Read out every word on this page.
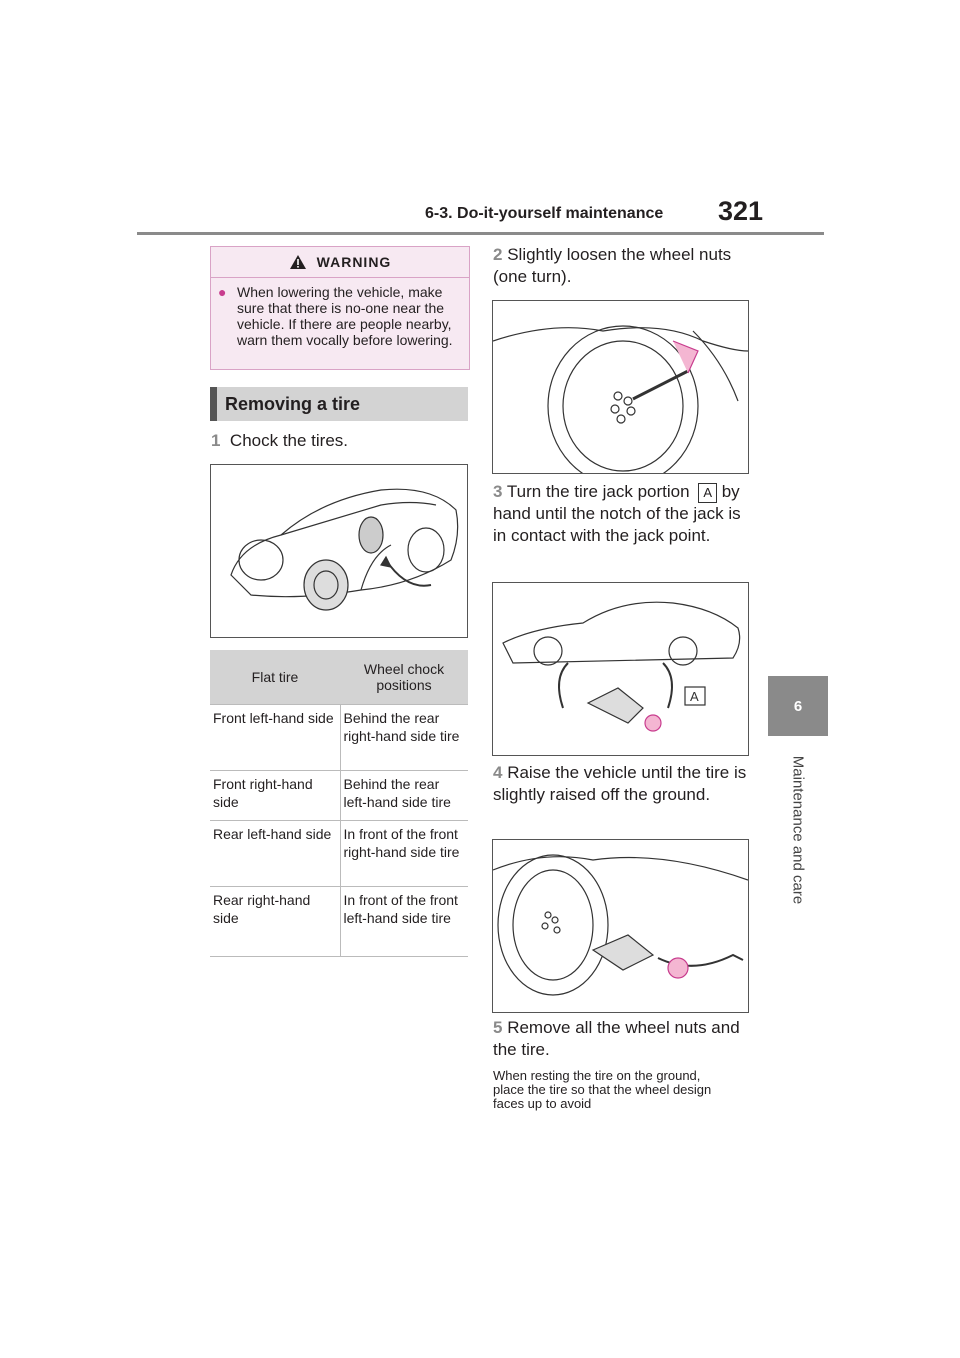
6-3. Do-it-yourself maintenance 321
6
Maintenance and care
WARNING
● When lowering the vehicle, make sure that there is no-one near the vehicle. If there are people nearby, warn them vocally before lowering.
Removing a tire
1 Chock the tires.
Flat tire	Wheel chock positions
Front left-hand side	Behind the rear right-hand side tire
Front right-hand side	Behind the rear left-hand side tire
Rear left-hand side	In front of the front right-hand side tire
Rear right-hand side	In front of the front left-hand side tire
2 Slightly loosen the wheel nuts (one turn).
3 Turn the tire jack portion A by hand until the notch of the jack is in contact with the jack point.
A
4 Raise the vehicle until the tire is slightly raised off the ground.
5 Remove all the wheel nuts and the tire.
When resting the tire on the ground, place the tire so that the wheel design faces up to avoid
